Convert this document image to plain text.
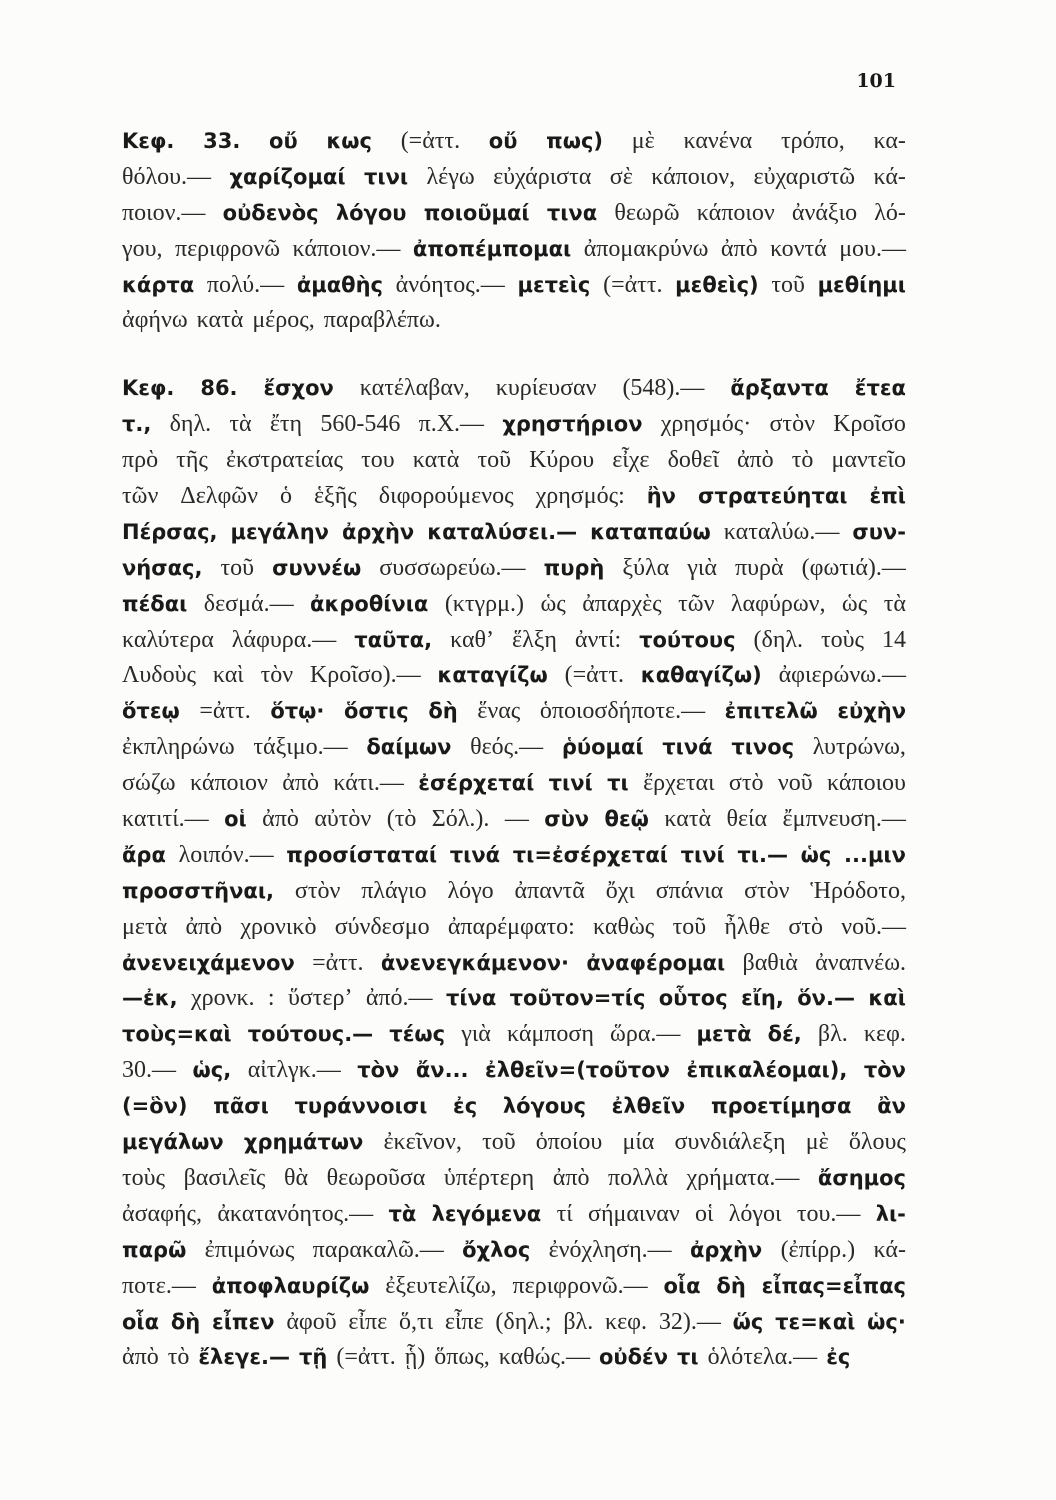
101
Κεφ. 33. οὔ κως (=ἀττ. οὔ πως) μὲ κανένα τρόπο, κα-
θόλου.— χαρίζομαί τινι λέγω εὐχάριστα σὲ κάποιον, εὐχαριστῶ κά-
ποιον.— οὐδενὸς λόγου ποιοῦμαί τινα θεωρῶ κάποιον ἀνάξιο λό-
γου, περιφρονῶ κάποιον.— ἀποπέμπομαι ἀπομακρύνω ἀπὸ κοντά μου.—
κάρτα πολύ.— ἀμαθὴς ἀνόητος.— μετεὶς (=ἀττ. μεθεὶς) τοῦ μεθίημι
ἀφήνω κατὰ μέρος, παραβλέπω.
Κεφ. 86. ἔσχον κατέλαβαν, κυρίευσαν (548).— ἄρξαντα ἔτεα
τ., δηλ. τὰ ἔτη 560-546 π.Χ.— χρηστήριον χρησμός· στὸν Κροῖσο
πρὸ τῆς ἐκστρατείας του κατὰ τοῦ Κύρου εἶχε δοθεῖ ἀπὸ τὸ μαντεῖο
τῶν Δελφῶν ὁ ἑξῆς διφορούμενος χρησμός: ἢν στρατεύηται ἐπὶ
Πέρσας, μεγάλην ἀρχὴν καταλύσει.— καταπαύω καταλύω.— συν-
νήσας, τοῦ συννέω συσσωρεύω.— πυρὴ ξύλα γιὰ πυρὰ (φωτιά).—
πέδαι δεσμά.— ἀκροθίνια (κτγρμ.) ὡς ἀπαρχὲς τῶν λαφύρων, ὡς τὰ
καλύτερα λάφυρα.— ταῦτα, καθ’ ἕλξη ἀντί: τούτους (δηλ. τοὺς 14
Λυδοὺς καὶ τὸν Κροῖσο).— καταγίζω (=ἀττ. καθαγίζω) ἀφιερώνω.—
ὅτεῳ =ἀττ. ὅτῳ· ὅστις δὴ ἕνας ὁποιοσδήποτε.— ἐπιτελῶ εὐχὴν
ἐκπληρώνω τάξιμο.— δαίμων θεός.— ῥύομαί τινά τινος λυτρώνω,
σώζω κάποιον ἀπὸ κάτι.— ἐσέρχεταί τινί τι ἔρχεται στὸ νοῦ κάποιου
κατιτί.— οἱ ἀπὸ αὐτὸν (τὸ Σόλ.). — σὺν θεῷ κατὰ θεία ἔμπνευση.—
ἄρα λοιπόν.— προσίσταταί τινά τι=ἐσέρχεταί τινί τι.— ὡς ...μιν
προσστῆναι, στὸν πλάγιο λόγο ἀπαντᾶ ὄχι σπάνια στὸν Ἡρόδοτο,
μετὰ ἀπὸ χρονικὸ σύνδεσμο ἀπαρέμφατο: καθὼς τοῦ ἦλθε στὸ νοῦ.—
ἀνενειχάμενον =ἀττ. ἀνενεγκάμενον· ἀναφέρομαι βαθιὰ ἀναπνέω.
—ἐκ, χρονκ. : ὕστερ’ ἀπό.— τίνα τοῦτον=τίς οὗτος εἴη, ὅν.— καὶ
τοὺς=καὶ τούτους.— τέως γιὰ κάμποση ὥρα.— μετὰ δέ, βλ. κεφ.
30.— ὡς, αἰτλγκ.— τὸν ἄν... ἐλθεῖν=(τοῦτον ἐπικαλέομαι), τὸν
(=ὃν) πᾶσι τυράννοισι ἐς λόγους ἐλθεῖν προετίμησα ἂν
μεγάλων χρημάτων ἐκεῖνον, τοῦ ὁποίου μία συνδιάλεξη μὲ ὅλους
τοὺς βασιλεῖς θὰ θεωροῦσα ὑπέρτερη ἀπὸ πολλὰ χρήματα.— ἄσημος
ἀσαφής, ἀκατανόητος.— τὰ λεγόμενα τί σήμαιναν οἱ λόγοι του.— λι-
παρῶ ἐπιμόνως παρακαλῶ.— ὄχλος ἐνόχληση.— ἀρχὴν (ἐπίρρ.) κά-
ποτε.— ἀποφλαυρίζω ἐξευτελίζω, περιφρονῶ.— οἷα δὴ εἶπας=εἶπας
οἷα δὴ εἶπεν ἀφοῦ εἶπε ὅ,τι εἶπε (δηλ.; βλ. κεφ. 32).— ὥς τε=καὶ ὡς·
ἀπὸ τὸ ἔλεγε.— τῇ (=ἀττ. ᾗ) ὅπως, καθώς.— οὐδέν τι ὁλότελα.— ἐς
